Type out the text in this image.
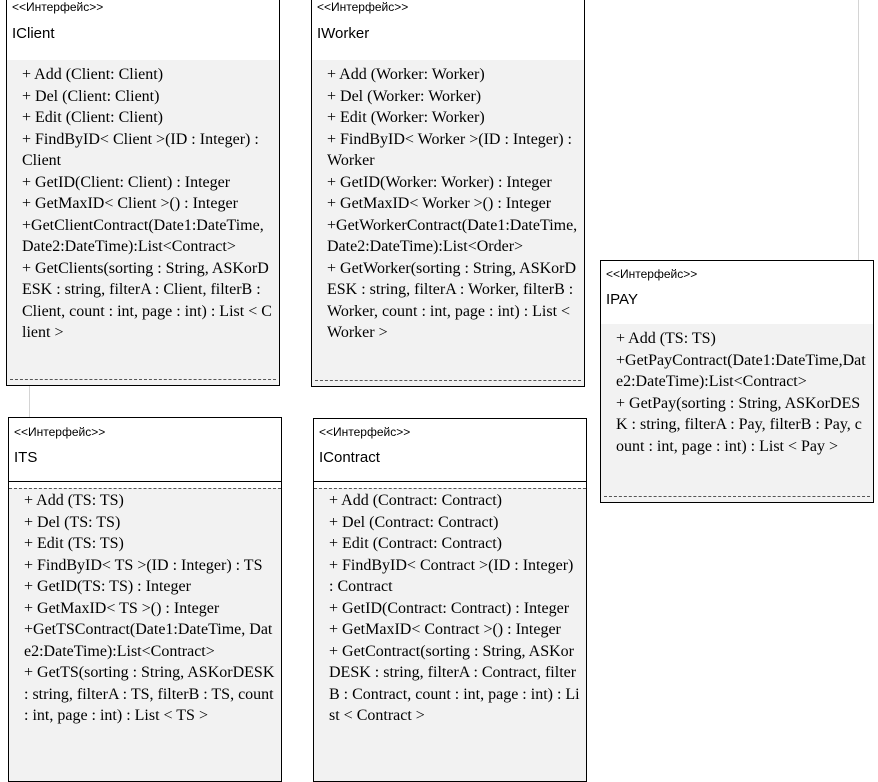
<<Интерфейс>>
IClient
+ Add (Client: Client)
+ Del (Client: Client)
+ Edit (Client: Client)
+ FindByID< Client >(ID : Integer) : Client
+ GetID(Client: Client) : Integer
+ GetMaxID< Client >() : Integer
+GetClientContract(Date1:DateTime,Date2:DateTime):List<Contract>
+ GetClients(sorting : String, ASKorDESK : string, filterA : Client, filterB : Client, count : int, page : int) : List < Client >
<<Интерфейс>>
IWorker
+ Add (Worker: Worker)
+ Del (Worker: Worker)
+ Edit (Worker: Worker)
+ FindByID< Worker >(ID : Integer) : Worker
+ GetID(Worker: Worker) : Integer
+ GetMaxID< Worker >() : Integer
+GetWorkerContract(Date1:DateTime,Date2:DateTime):List<Order>
+ GetWorker(sorting : String, ASKorDESK : string, filterA : Worker, filterB : Worker, count : int, page : int) : List < Worker >
<<Интерфейс>>
IPAY
+ Add (TS: TS)
+GetPayContract(Date1:DateTime,Date2:DateTime):List<Contract>
+ GetPay(sorting : String, ASKorDESK : string, filterA : Pay, filterB : Pay, count : int, page : int) : List < Pay >
<<Интерфейс>>
ITS
+ Add (TS: TS)
+ Del (TS: TS)
+ Edit (TS: TS)
+ FindByID< TS >(ID : Integer) : TS
+ GetID(TS: TS) : Integer
+ GetMaxID< TS >() : Integer
+GetTSContract(Date1:DateTime, Date2:DateTime):List<Contract>
+ GetTS(sorting : String, ASKorDESK : string, filterA : TS, filterB : TS, count : int, page : int) : List < TS >
<<Интерфейс>>
IContract
+ Add (Contract: Contract)
+ Del (Contract: Contract)
+ Edit (Contract: Contract)
+ FindByID< Contract >(ID : Integer) : Contract
+ GetID(Contract: Contract) : Integer
+ GetMaxID< Contract >() : Integer
+ GetContract(sorting : String, ASKorDESK : string, filterA : Contract, filterB : Contract, count : int, page : int) : List < Contract >
